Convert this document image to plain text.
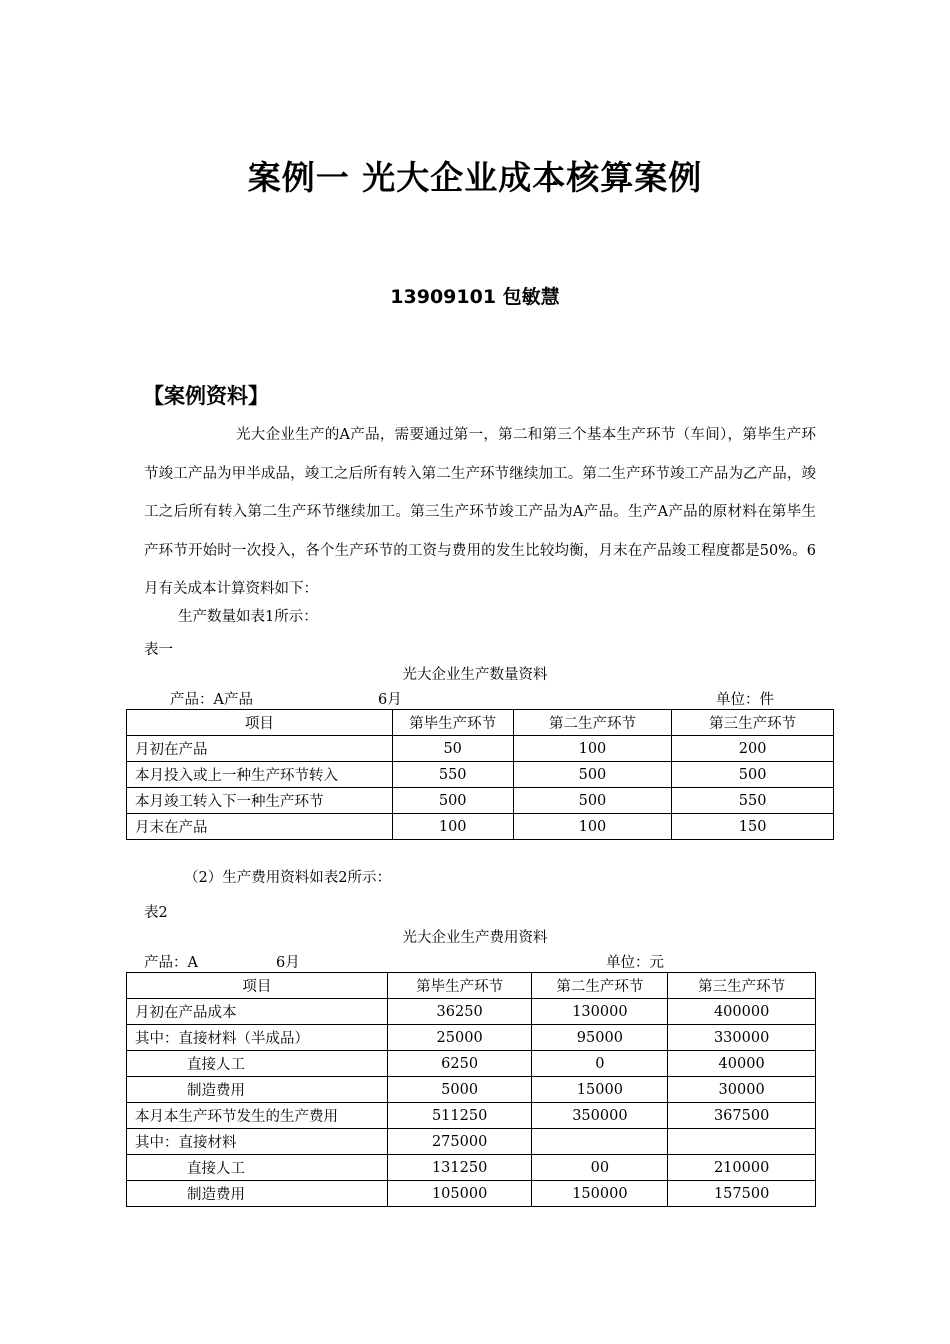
案例一 光大企业成本核算案例
13909101 包敏慧
【案例资料】
光大企业生产的A产品，需要通过第一，第二和第三个基本生产环节（车间），第毕生产环节竣工产品为甲半成品，竣工之后所有转入第二生产环节继续加工。第二生产环节竣工产品为乙产品，竣工之后所有转入第二生产环节继续加工。第三生产环节竣工产品为A产品。生产A产品的原材料在第毕生产环节开始时一次投入，各个生产环节的工资与费用的发生比较均衡，月末在产品竣工程度都是50%。6月有关成本计算资料如下：
生产数量如表1所示：
表一
光大企业生产数量资料
产品：A产品	6月	单位：件
项目	第毕生产环节	第二生产环节	第三生产环节
月初在产品	50	100	200
本月投入或上一种生产环节转入	550	500	500
本月竣工转入下一种生产环节	500	500	550
月末在产品	100	100	150
（2）生产费用资料如表2所示：
表2
光大企业生产费用资料
产品：A	6月	单位：元
项目	第毕生产环节	第二生产环节	第三生产环节
月初在产品成本	36250	130000	400000
其中：直接材料（半成品）	25000	95000	330000
直接人工	6250	0	40000
制造费用	5000	15000	30000
本月本生产环节发生的生产费用	511250	350000	367500
其中：直接材料	275000		
直接人工	131250	00	210000
制造费用	105000	150000	157500
